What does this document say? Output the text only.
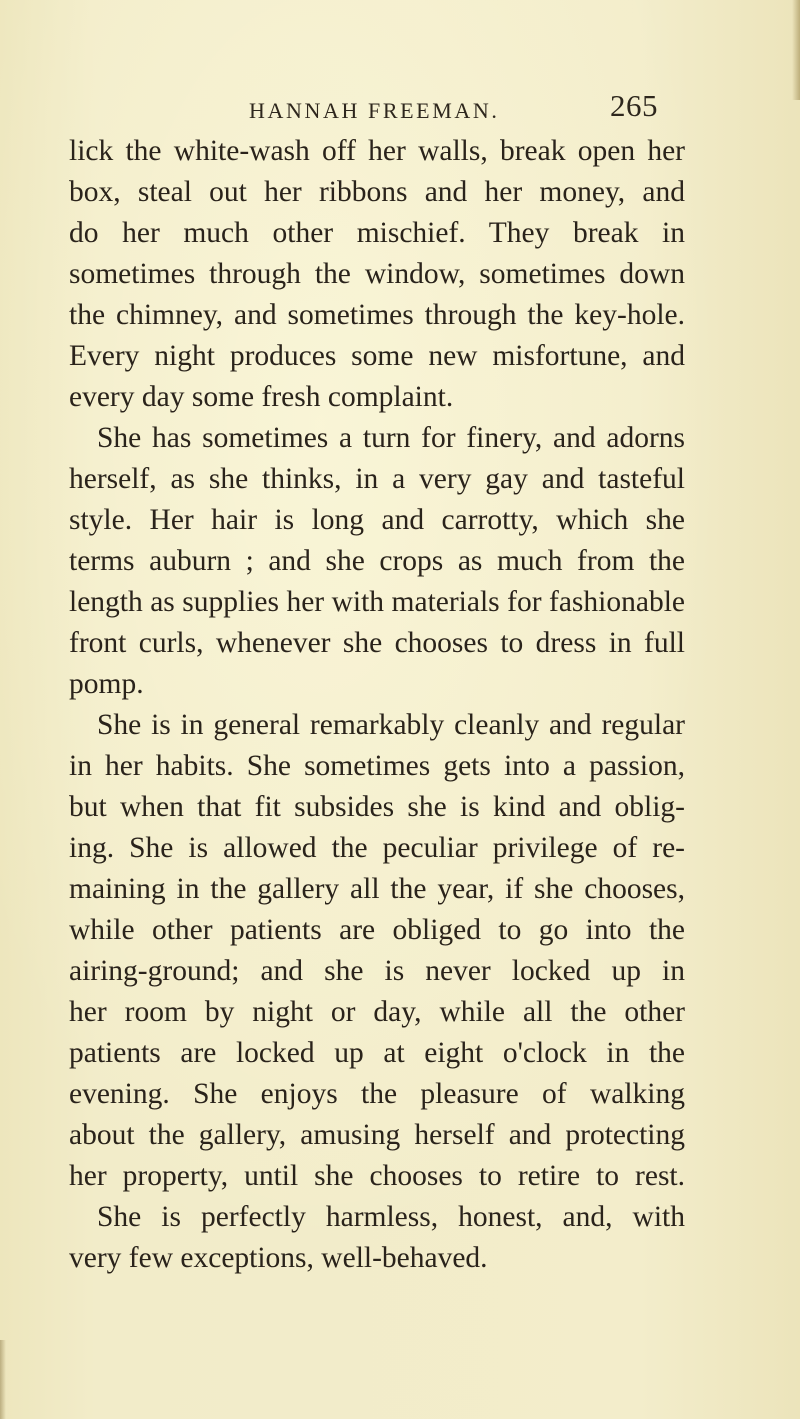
HANNAH FREEMAN.	265
lick the white-wash off her walls, break open her
box, steal out her ribbons and her money, and
do her much other mischief. They break in
sometimes through the window, sometimes down
the chimney, and sometimes through the key-hole.
Every night produces some new misfortune, and
every day some fresh complaint.
She has sometimes a turn for finery, and adorns
herself, as she thinks, in a very gay and tasteful
style. Her hair is long and carrotty, which she
terms auburn ; and she crops as much from the
length as supplies her with materials for fashionable
front curls, whenever she chooses to dress in full
pomp.
She is in general remarkably cleanly and regular
in her habits. She sometimes gets into a passion,
but when that fit subsides she is kind and oblig-
ing. She is allowed the peculiar privilege of re-
maining in the gallery all the year, if she chooses,
while other patients are obliged to go into the
airing-ground; and she is never locked up in
her room by night or day, while all the other
patients are locked up at eight o'clock in the
evening. She enjoys the pleasure of walking
about the gallery, amusing herself and protecting
her property, until she chooses to retire to rest.
She is perfectly harmless, honest, and, with
very few exceptions, well-behaved.
